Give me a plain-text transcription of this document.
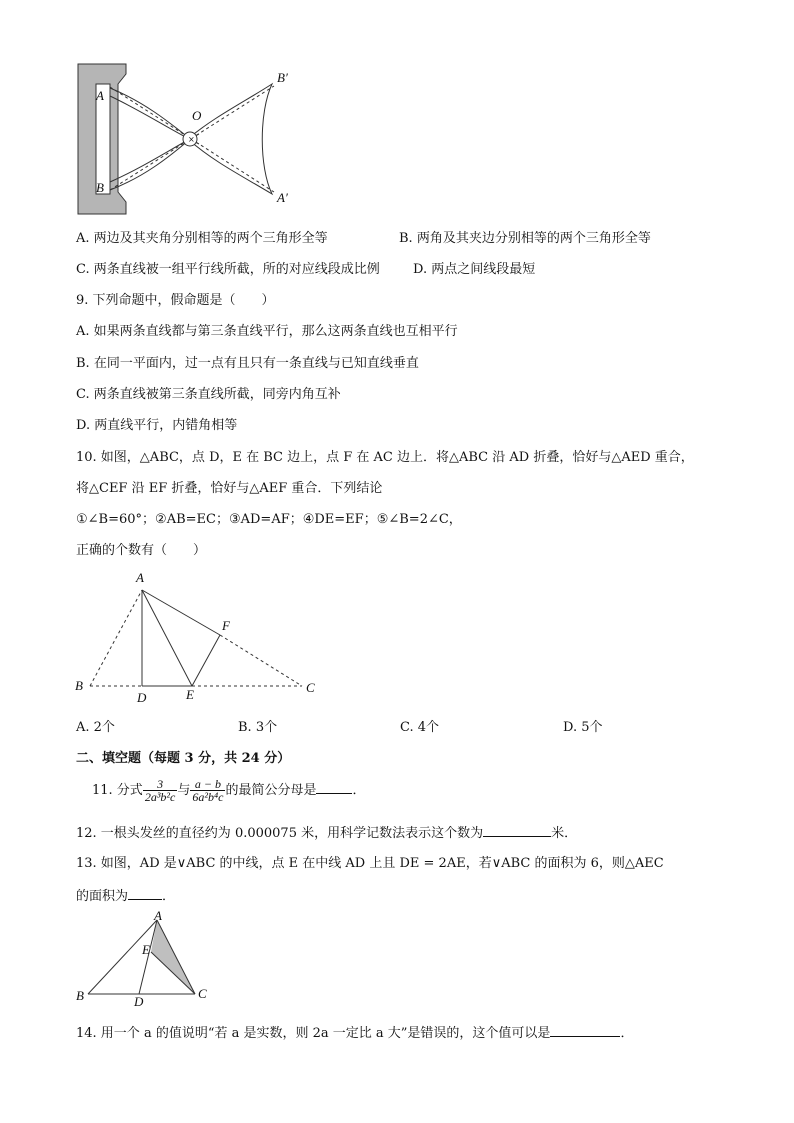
×
A
B
O
B′
A′
A. 两边及其夹角分别相等的两个三角形全等	B. 两角及其夹边分别相等的两个三角形全等
C. 两条直线被一组平行线所截，所的对应线段成比例	D. 两点之间线段最短
9. 下列命题中，假命题是（　　）
A. 如果两条直线都与第三条直线平行，那么这两条直线也互相平行
B. 在同一平面内，过一点有且只有一条直线与已知直线垂直
C. 两条直线被第三条直线所截，同旁内角互补
D. 两直线平行，内错角相等
10. 如图，△ABC，点 D，E 在 BC 边上，点 F 在 AC 边上．将△ABC 沿 AD 折叠，恰好与△AED 重合，
将△CEF 沿 EF 折叠，恰好与△AEF 重合．下列结论
①∠B=60°；②AB=EC；③AD=AF；④DE=EF；⑤∠B=2∠C，
正确的个数有（　　）
A
B	C
D	E
F
A. 2个	B. 3个	C. 4个	D. 5个
二、填空题（每题 3 分，共 24 分）
11. 分式 $\frac{3}{\text{2a³b²c}}$ 与 $\frac{a - b}{\text{6a²b⁴c}}$ 的最简公分母是	．
12. 一根头发丝的直径约为 0.000075 米，用科学记数法表示这个数为	米．
13. 如图，AD 是∨ABC 的中线，点 E 在中线 AD 上且 DE = 2AE，若∨ABC 的面积为 6，则△AEC
的面积为	．
A
B	C
D
E
14. 用一个 a 的值说明“若 a 是实数，则 2a 一定比 a 大”是错误的，这个值可以是	．
